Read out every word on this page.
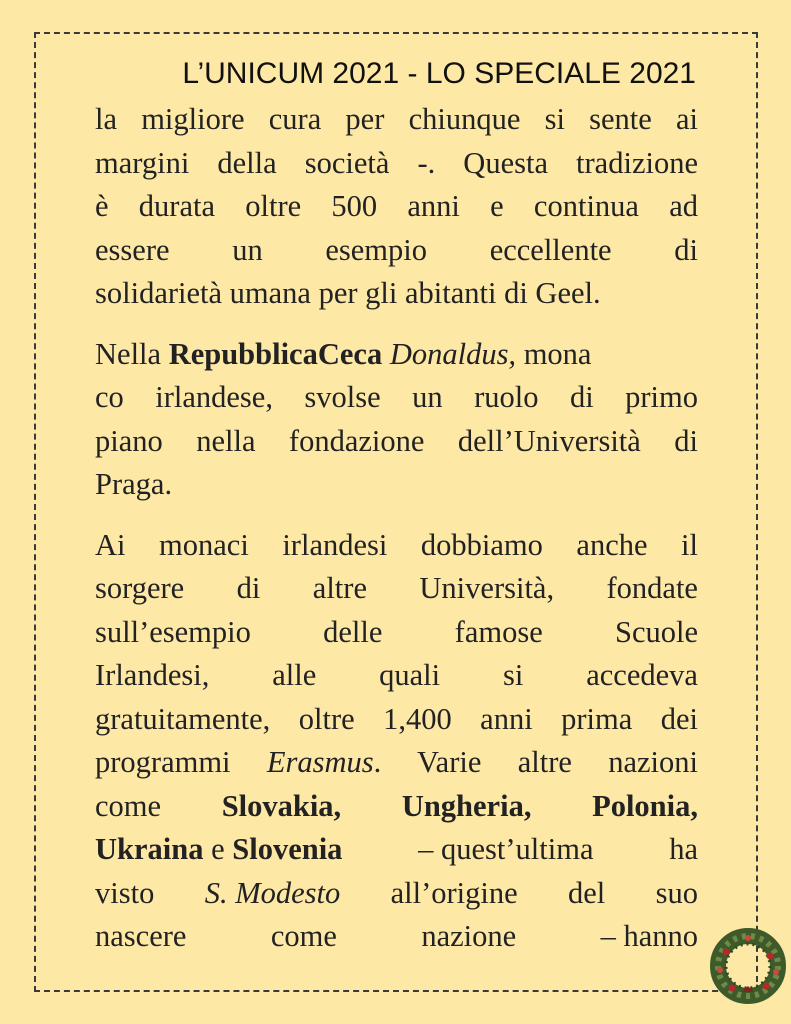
L’UNICUM 2021 - LO SPECIALE 2021
la migliore cura per chiunque si sente ai
margini della società -. Questa tradizione
è durata oltre 500 anni e continua ad
essere un esempio eccellente di
solidarietà umana per gli abitanti di Geel.
Nella RepubblicaCeca Donaldus, mona
co irlandese, svolse un ruolo di primo
piano nella fondazione dell’Università di
Praga.
Ai monaci irlandesi dobbiamo anche il
sorgere di altre Università, fondate
sull’esempio delle famose Scuole
Irlandesi, alle quali si accedeva
gratuitamente, oltre 1,400 anni prima dei
programmi Erasmus. Varie altre nazioni
come Slovakia, Ungheria, Polonia,
Ukraina e Slovenia – quest’ultima ha
visto S. Modesto all’origine del suo
nascere	come	nazione	– hanno
